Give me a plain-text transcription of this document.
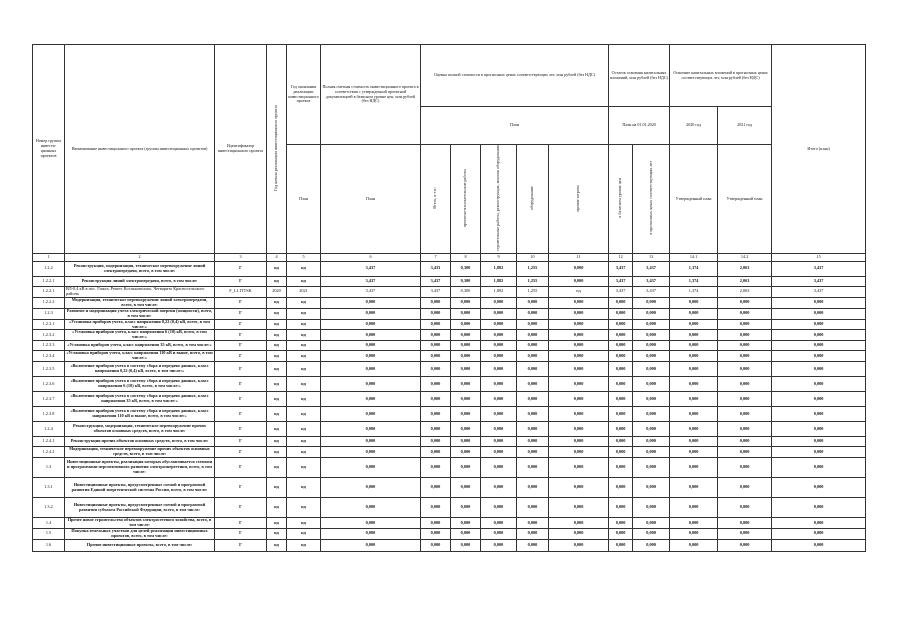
Номер группы инвести-ционных проектов	Наименование инвестиционного проекта (группы инвестиционных проектов)	Идентификатор инвестиционного проекта	Год начала реализации инвестиционного проекта	Год окончания реализации инвестиционного проекта	Полная сметная стоимость инвестиционного проекта в соответствии с утвержденной проектной документацией в базисном уровне цен, млн рублей (без НДС)	Оценка полной стоимости в прогнозных ценах соответствующих лет, млн рублей (без НДС)					Остаток освоения капитальных вложений, млн рублей (без НДС)		Освоение капитальных вложений в прогнозных ценах соответствующих лет, млн рублей (без НДС)		Итого (план)
						План					План на 01.01.2020		2020 год	2021 год	
				План	План	Всего, в т.ч.:	проектно-изыскательские работы	строительные работы, реконструкция, монтаж оборудования	оборудование	прочие затраты	в базисном уровне цен	в прогнозных ценах соответствующих лет	Утвержденный план	Утвержденный план	
1	2	3	4	5	6	7	8	9	10	11	12	13	14.1	14.2	15
1.2.2	Реконструкция, модернизация, техническое перевооружение линий электропередачи, всего, в том числе:	Г	нд	нд	3,437	3,433	0,300	1,882	1,255	0,000	3,437	3,437	1,374	2,063	3,437
1.2.2.1	Реконструкция линий электропередачи, всего, в том числе:	Г	нд	нд	3,437	3,437	0,300	1,882	1,255	0,000	3,437	3,437	1,374	2,063	3,437
1.2.2.1	ВЛ-0,4 кВ в пос. Гижга, Решет, Коспьковолоко, Чегварито Красносельского района	F_L1.ITTSK	2020	2021	3,437	3,437	0,300	1,882	1,255	нд	3,437	3,437	1,374	2,063	3,437
1.2.2.2	Модернизация, техническое перевооружение линий электропередачи, всего, в том числе:	Г	нд	нд	0,000	0,000	0,000	0,000	0,000	0,000	0,000	0,000	0,000	0,000	0,000
1.2.3	Развитие и модернизация учета электрической энергии (мощности), всего, в том числе:	Г	нд	нд	0,000	0,000	0,000	0,000	0,000	0,000	0,000	0,000	0,000	0,000	0,000
1.2.3.1	«Установка приборов учета, класс напряжения 0,22 (0,4) кВ, всего, в том числе:»	Г	нд	нд	0,000	0,000	0,000	0,000	0,000	0,000	0,000	0,000	0,000	0,000	0,000
1.2.3.2	«Установка приборов учета, класс напряжения 6 (10) кВ, всего, в том числе:»	Г	нд	нд	0,000	0,000	0,000	0,000	0,000	0,000	0,000	0,000	0,000	0,000	0,000
1.2.3.3	«Установка приборов учета, класс напряжения 35 кВ, всего, в том числе:»	Г	нд	нд	0,000	0,000	0,000	0,000	0,000	0,000	0,000	0,000	0,000	0,000	0,000
1.2.3.4	«Установка приборов учета, класс напряжения 110 кВ и выше, всего, в том числе:»	Г	нд	нд	0,000	0,000	0,000	0,000	0,000	0,000	0,000	0,000	0,000	0,000	0,000
1.2.3.5	«Включение приборов учета в систему сбора и передачи данных, класс напряжения 0,22 (0,4) кВ, всего, в том числе:»	Г	нд	нд	0,000	0,000	0,000	0,000	0,000	0,000	0,000	0,000	0,000	0,000	0,000
1.2.3.6	«Включение приборов учета в систему сбора и передачи данных, класс напряжения 6 (10) кВ, всего, в том числе:»	Г	нд	нд	0,000	0,000	0,000	0,000	0,000	0,000	0,000	0,000	0,000	0,000	0,000
1.2.3.7	«Включение приборов учета в систему сбора и передачи данных, класс напряжения 35 кВ, всего, в том числе:»	Г	нд	нд	0,000	0,000	0,000	0,000	0,000	0,000	0,000	0,000	0,000	0,000	0,000
1.2.3.8	«Включение приборов учета в систему сбора и передачи данных, класс напряжения 110 кВ и выше, всего, в том числе:»	Г	нд	нд	0,000	0,000	0,000	0,000	0,000	0,000	0,000	0,000	0,000	0,000	0,000
1.2.4	Реконструкция, модернизация, техническое перевооружение прочих объектов основных средств, всего, в том числе:	Г	нд	нд	0,000	0,000	0,000	0,000	0,000	0,000	0,000	0,000	0,000	0,000	0,000
1.2.4.1	Реконструкция прочих объектов основных средств, всего, в том числе:	Г	нд	нд	0,000	0,000	0,000	0,000	0,000	0,000	0,000	0,000	0,000	0,000	0,000
1.2.4.2	Модернизация, техническое перевооружение прочих объектов основных средств, всего, в том числе:	Г	нд	нд	0,000	0,000	0,000	0,000	0,000	0,000	0,000	0,000	0,000	0,000	0,000
1.3	Инвестиционные проекты, реализация которых обуславливается схемами и программами перспективного развития электроэнергетики, всего, в том числе:	Г	нд	нд	0,000	0,000	0,000	0,000	0,000	0,000	0,000	0,000	0,000	0,000	0,000
1.3.1	Инвестиционные проекты, предусмотренные схемой и программой развития Единой энергетической системы России, всего, в том числе:	Г	нд	нд	0,000	0,000	0,000	0,000	0,000	0,000	0,000	0,000	0,000	0,000	0,000
1.3.2	Инвестиционные проекты, предусмотренные схемой и программой развития субъекта Российской Федерации, всего, в том числе:	Г	нд	нд	0,000	0,000	0,000	0,000	0,000	0,000	0,000	0,000	0,000	0,000	0,000
1.4	Прочее новое строительство объектов электросетевого хозяйства, всего, в том числе:	Г	нд	нд	0,000	0,000	0,000	0,000	0,000	0,000	0,000	0,000	0,000	0,000	0,000
1.5	Покупка земельных участков для целей реализации инвестиционных проектов, всего, в том числе:	Г	нд	нд	0,000	0,000	0,000	0,000	0,000	0,000	0,000	0,000	0,000	0,000	0,000
1.6	Прочие инвестиционные проекты, всего, в том числе:	Г	нд	нд	0,000	0,000	0,000	0,000	0,000	0,000	0,000	0,000	0,000	0,000	0,000
